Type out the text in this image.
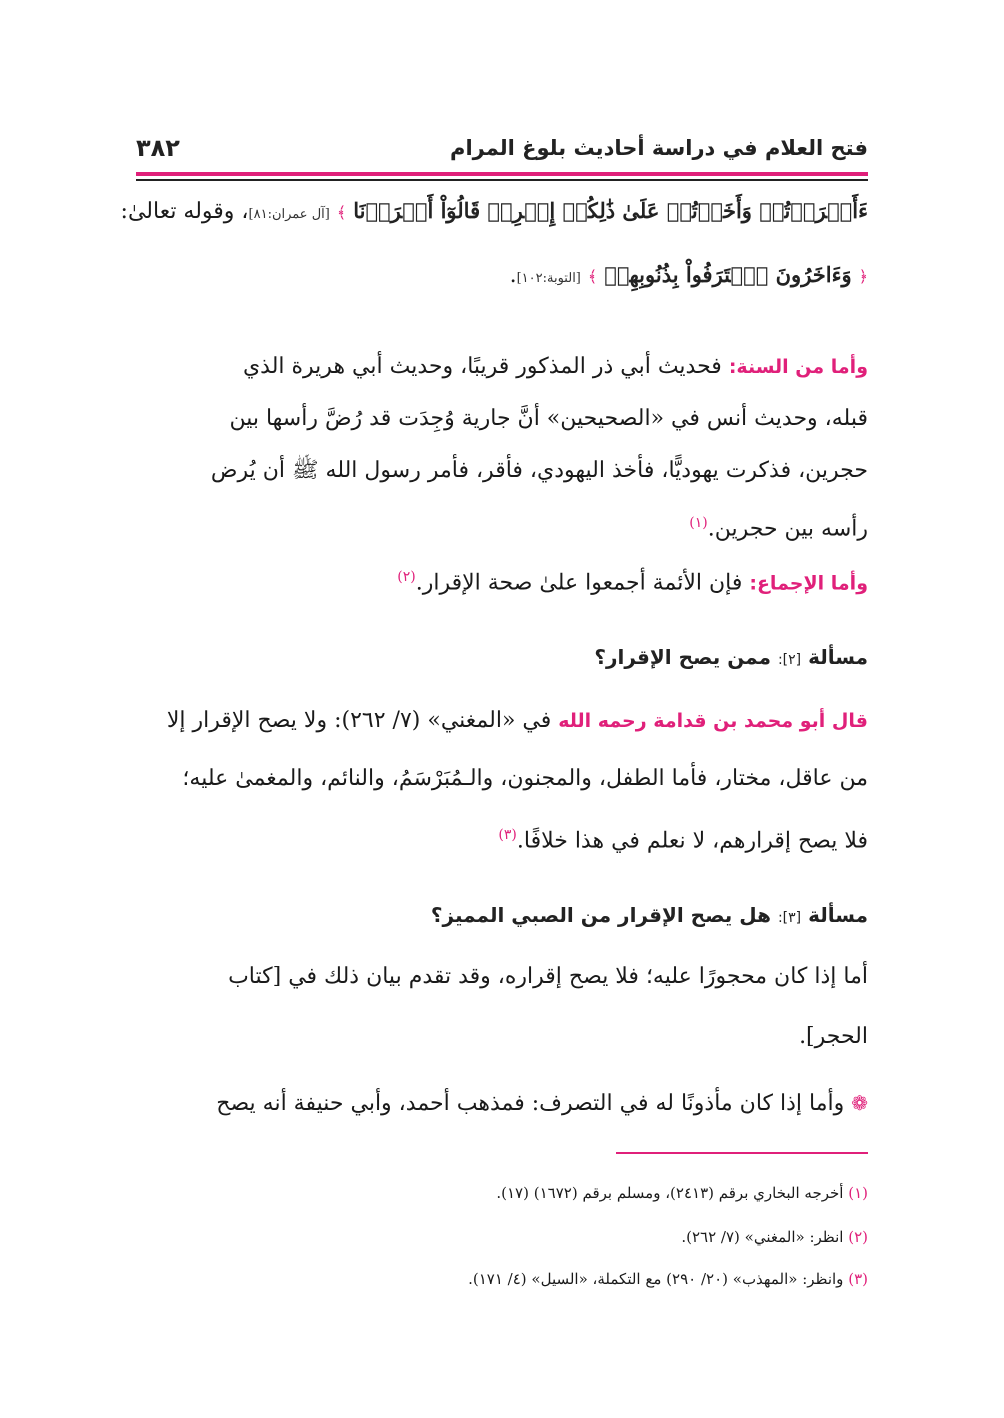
فتح العلام في دراسة أحاديث بلوغ المرام
٣٨٢
ءَأَقۡرَرۡتُمۡ وَأَخَذۡتُمۡ عَلَىٰ ذَٰلِكُمۡ إِصۡرِيۖ قَالُوٓاْ أَقۡرَرۡنَا ﴾ [آل عمران:٨١]، وقوله تعالىٰ:
﴿ وَءَاخَرُونَ ٱعۡتَرَفُواْ بِذُنُوبِهِمۡ ﴾ [التوبة:١٠٢].
وأما من السنة: فحديث أبي ذر المذكور قريبًا، وحديث أبي هريرة الذي
قبله، وحديث أنس في «الصحيحين» أنَّ جارية وُجِدَت قد رُضَّ رأسها بين
حجرين، فذكرت يهوديًّا، فأخذ اليهودي، فأقر، فأمر رسول الله ﷺ أن يُرض
رأسه بين حجرين.$^{(١)}$
وأما الإجماع: فإن الأئمة أجمعوا علىٰ صحة الإقرار.$^{(٢)}$
مسألة [٢]: ممن يصح الإقرار؟
قال أبو محمد بن قدامة رحمه الله في «المغني» (٧/ ٢٦٢): ولا يصح الإقرار إلا
من عاقل، مختار، فأما الطفل، والمجنون، والـمُبَرْسَمُ، والنائم، والمغمىٰ عليه؛
فلا يصح إقرارهم، لا نعلم في هذا خلافًا.$^{(٣)}$
مسألة [٣]: هل يصح الإقرار من الصبي المميز؟
أما إذا كان محجورًا عليه؛ فلا يصح إقراره، وقد تقدم بيان ذلك في [كتاب
الحجر].
❁ وأما إذا كان مأذونًا له في التصرف: فمذهب أحمد، وأبي حنيفة أنه يصح
(١) أخرجه البخاري برقم (٢٤١٣)، ومسلم برقم (١٦٧٢) (١٧).
(٢) انظر: «المغني» (٧/ ٢٦٢).
(٣) وانظر: «المهذب» (٢٠/ ٢٩٠) مع التكملة، «السيل» (٤/ ١٧١).
